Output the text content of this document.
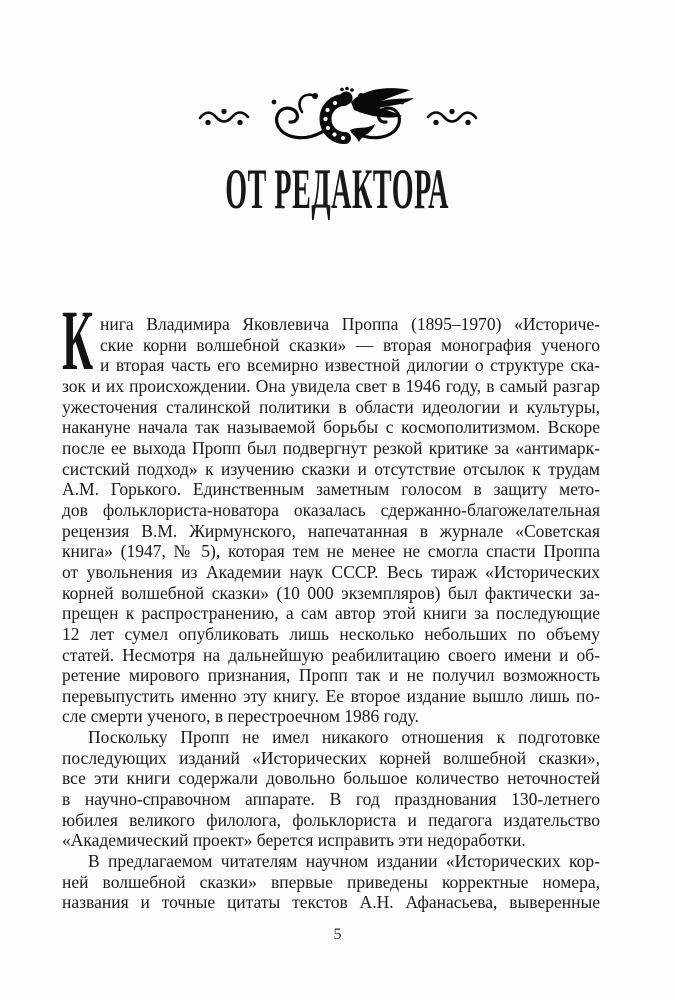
ОТ РЕДАКТОРА
К нига Владимира Яковлевича Проппа (1895–1970) «Историче-
ские корни волшебной сказки» — вторая монография ученого
и вторая часть его всемирно известной дилогии о структуре ска-
зок и их происхождении. Она увидела свет в 1946 году, в самый разгар
ужесточения сталинской политики в области идеологии и культуры,
накануне начала так называемой борьбы с космополитизмом. Вскоре
после ее выхода Пропп был подвергнут резкой критике за «антимарк-
систский подход» к изучению сказки и отсутствие отсылок к трудам
А.М. Горького. Единственным заметным голосом в защиту мето-
дов фольклориста-новатора оказалась сдержанно-благожелательная
рецензия В.М. Жирмунского, напечатанная в журнале «Советская
книга» (1947, № 5), которая тем не менее не смогла спасти Проппа
от увольнения из Академии наук СССР. Весь тираж «Исторических
корней волшебной сказки» (10 000 экземпляров) был фактически за-
прещен к распространению, а сам автор этой книги за последующие
12 лет сумел опубликовать лишь несколько небольших по объему
статей. Несмотря на дальнейшую реабилитацию своего имени и об-
ретение мирового признания, Пропп так и не получил возможность
перевыпустить именно эту книгу. Ее второе издание вышло лишь по-
сле смерти ученого, в перестроечном 1986 году.
Поскольку Пропп не имел никакого отношения к подготовке
последующих изданий «Исторических корней волшебной сказки»,
все эти книги содержали довольно большое количество неточностей
в научно-справочном аппарате. В год празднования 130-летнего
юбилея великого филолога, фольклориста и педагога издательство
«Академический проект» берется исправить эти недоработки.
В предлагаемом читателям научном издании «Исторических кор-
ней волшебной сказки» впервые приведены корректные номера,
названия и точные цитаты текстов А.Н. Афанасьева, выверенные
5
